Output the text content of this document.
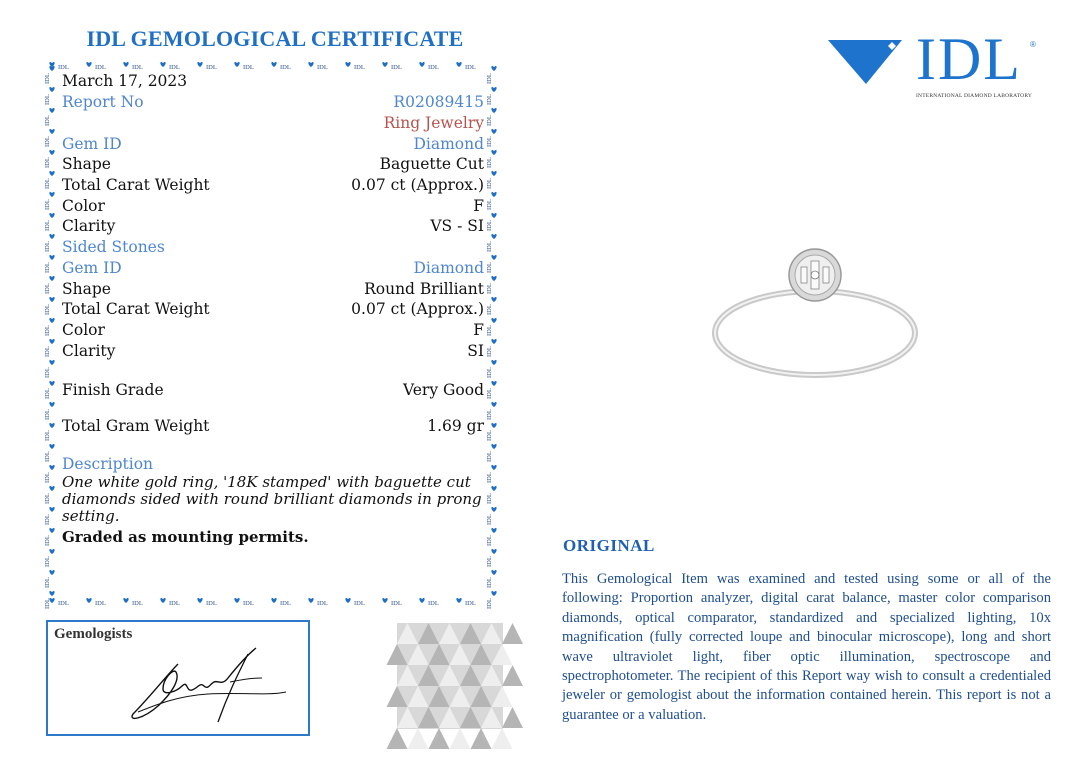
IDL GEMOLOGICAL CERTIFICATE
IDL	IDL	IDL	IDL	IDL	IDL	IDL	IDL	IDL	IDL	IDL	IDL
IDL	IDL	IDL	IDL	IDL	IDL	IDL	IDL	IDL	IDL	IDL	IDL
IDL
IDL
IDL
IDL
IDL
IDL
IDL
IDL
IDL
IDL
IDL
IDL
IDL
IDL
IDL
IDL
IDL
IDL
IDL
IDL
IDL
IDL
IDL
IDL
IDL
IDL
IDL
IDL
IDL
IDL
IDL
IDL
IDL
IDL
IDL
IDL
IDL
IDL
IDL
IDL
IDL
IDL
IDL
IDL
IDL
IDL
IDL
IDL
IDL
IDL
IDL
IDL
March 17, 2023
Report No	R02089415
Ring Jewelry
Gem ID	Diamond
Shape	Baguette Cut
Total Carat Weight	0.07 ct (Approx.)
Color	F
Clarity	VS - SI
Sided Stones
Gem ID	Diamond
Shape	Round Brilliant
Total Carat Weight	0.07 ct (Approx.)
Color	F
Clarity	SI
Finish Grade	Very Good
Total Gram Weight	1.69 gr
Description
One white gold ring, '18K stamped' with baguette cut diamonds sided with round brilliant diamonds in prong setting.
Graded as mounting permits.
Gemologists
IDL ®
INTERNATIONAL DIAMOND LABORATORY
ORIGINAL
This Gemological Item was examined and tested using some or all of the following: Proportion analyzer, digital carat balance, master color comparison diamonds, optical comparator, standardized and specialized lighting, 10x magnification (fully corrected loupe and binocular microscope), long and short wave ultraviolet light, fiber optic illumination, spectroscope and spectrophotometer. The recipient of this Report way wish to consult a credentialed jeweler or gemologist about the information contained herein. This report is not a guarantee or a valuation.
